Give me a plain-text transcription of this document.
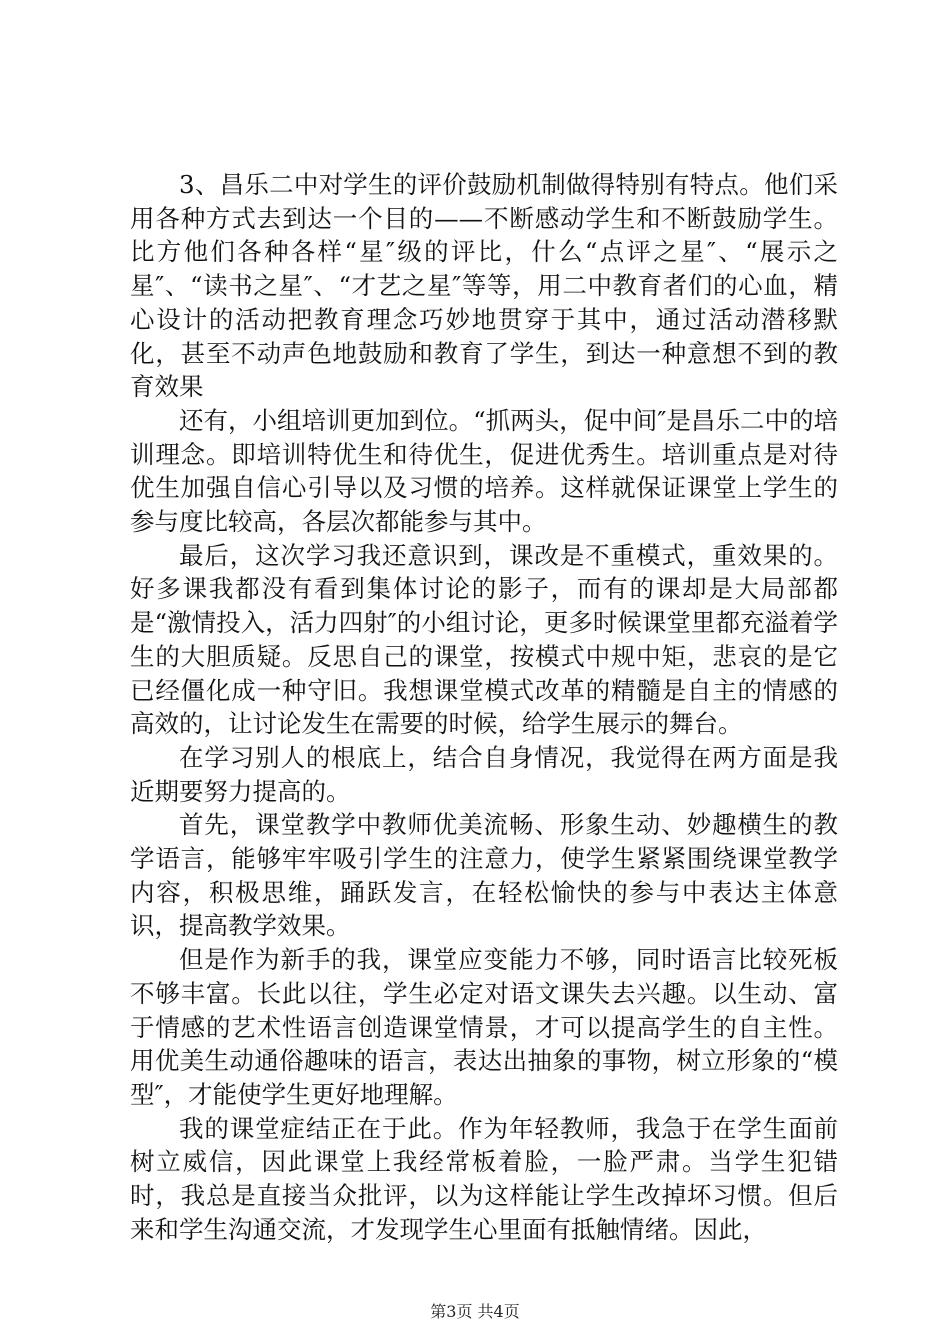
3、昌乐二中对学生的评价鼓励机制做得特别有特点。他们采用各种方式去到达一个目的——不断感动学生和不断鼓励学生。比方他们各种各样“星″级的评比，什么“点评之星″、“展示之星″、“读书之星″、“才艺之星″等等，用二中教育者们的心血，精心设计的活动把教育理念巧妙地贯穿于其中，通过活动潜移默化，甚至不动声色地鼓励和教育了学生，到达一种意想不到的教育效果

还有，小组培训更加到位。“抓两头，促中间″是昌乐二中的培训理念。即培训特优生和待优生，促进优秀生。培训重点是对待优生加强自信心引导以及习惯的培养。这样就保证课堂上学生的参与度比较高，各层次都能参与其中。

最后，这次学习我还意识到，课改是不重模式，重效果的。好多课我都没有看到集体讨论的影子，而有的课却是大局部都是“激情投入，活力四射″的小组讨论，更多时候课堂里都充溢着学生的大胆质疑。反思自己的课堂，按模式中规中矩，悲哀的是它已经僵化成一种守旧。我想课堂模式改革的精髓是自主的情感的高效的，让讨论发生在需要的时候，给学生展示的舞台。

在学习别人的根底上，结合自身情况，我觉得在两方面是我近期要努力提高的。

首先，课堂教学中教师优美流畅、形象生动、妙趣横生的教学语言，能够牢牢吸引学生的注意力，使学生紧紧围绕课堂教学内容，积极思维，踊跃发言，在轻松愉快的参与中表达主体意识，提高教学效果。

但是作为新手的我，课堂应变能力不够，同时语言比较死板不够丰富。长此以往，学生必定对语文课失去兴趣。以生动、富于情感的艺术性语言创造课堂情景，才可以提高学生的自主性。用优美生动通俗趣味的语言，表达出抽象的事物，树立形象的“模型″，才能使学生更好地理解。

我的课堂症结正在于此。作为年轻教师，我急于在学生面前树立威信，因此课堂上我经常板着脸，一脸严肃。当学生犯错时，我总是直接当众批评，以为这样能让学生改掉坏习惯。但后来和学生沟通交流，才发现学生心里面有抵触情绪。因此，

第3页 共4页
